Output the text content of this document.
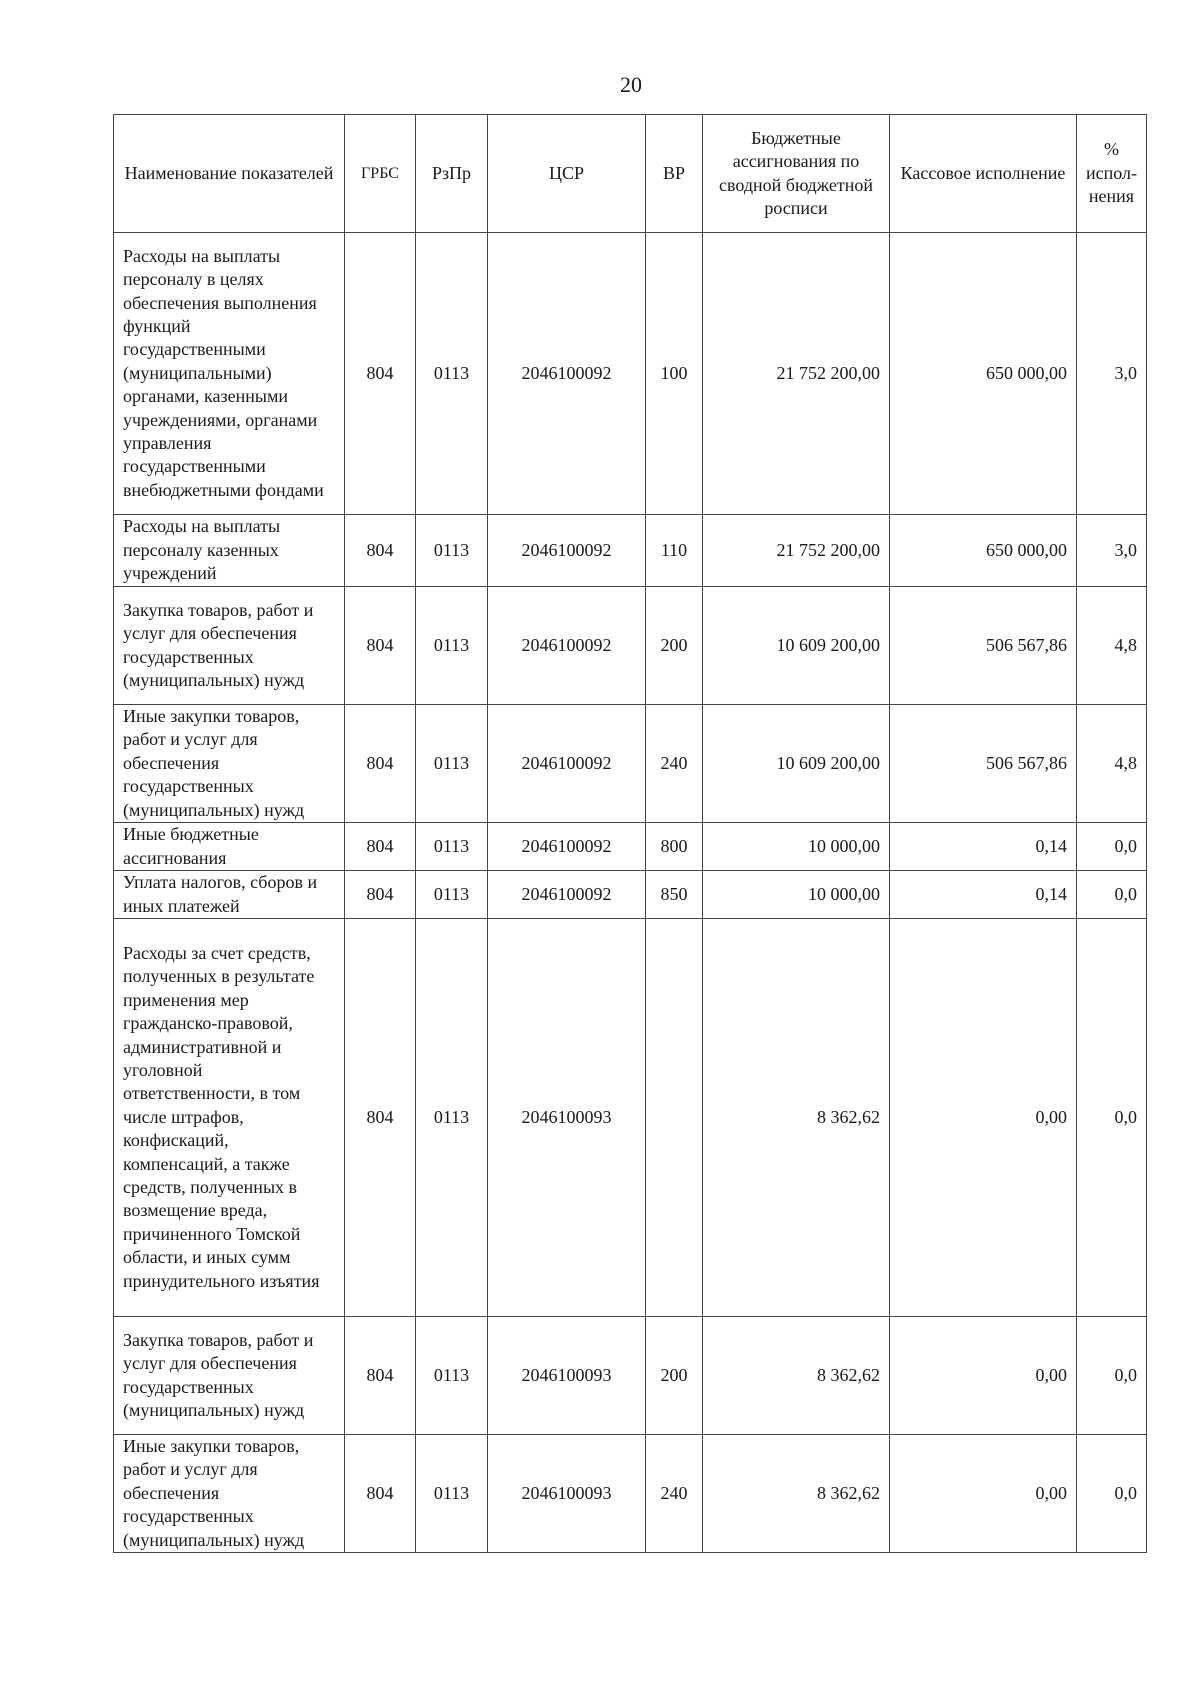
20
Наименование показателей	ГРБС	РзПр	ЦСР	ВР	Бюджетные ассигнования по сводной бюджетной росписи	Кассовое исполнение	% испол-нения
Расходы на выплаты персоналу в целях обеспечения выполнения функций государственными (муниципальными) органами, казенными учреждениями, органами управления государственными внебюджетными фондами	804	0113	2046100092	100	21 752 200,00	650 000,00	3,0
Расходы на выплаты персоналу казенных учреждений	804	0113	2046100092	110	21 752 200,00	650 000,00	3,0
Закупка товаров, работ и услуг для обеспечения государственных (муниципальных) нужд	804	0113	2046100092	200	10 609 200,00	506 567,86	4,8
Иные закупки товаров, работ и услуг для обеспечения государственных (муниципальных) нужд	804	0113	2046100092	240	10 609 200,00	506 567,86	4,8
Иные бюджетные ассигнования	804	0113	2046100092	800	10 000,00	0,14	0,0
Уплата налогов, сборов и иных платежей	804	0113	2046100092	850	10 000,00	0,14	0,0
Расходы за счет средств, полученных в результате применения мер гражданско-правовой, административной и уголовной ответственности, в том числе штрафов, конфискаций, компенсаций, а также средств, полученных в возмещение вреда, причиненного Томской области, и иных сумм принудительного изъятия	804	0113	2046100093		8 362,62	0,00	0,0
Закупка товаров, работ и услуг для обеспечения государственных (муниципальных) нужд	804	0113	2046100093	200	8 362,62	0,00	0,0
Иные закупки товаров, работ и услуг для обеспечения государственных (муниципальных) нужд	804	0113	2046100093	240	8 362,62	0,00	0,0
